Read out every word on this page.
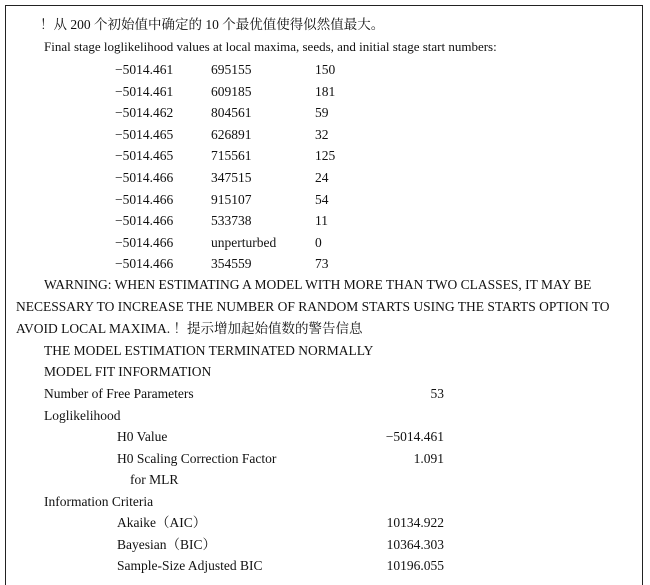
！从 200 个初始值中确定的 10 个最优值使得似然值最大。
Final stage loglikelihood values at local maxima, seeds, and initial stage start numbers:
−5014.461	695155	150
−5014.461	609185	181
−5014.462	804561	59
−5014.465	626891	32
−5014.465	715561	125
−5014.466	347515	24
−5014.466	915107	54
−5014.466	533738	11
−5014.466	unperturbed	0
−5014.466	354559	73
WARNING: WHEN ESTIMATING A MODEL WITH MORE THAN TWO CLASSES, IT MAY BE
NECESSARY TO INCREASE THE NUMBER OF RANDOM STARTS USING THE STARTS OPTION TO
AVOID LOCAL MAXIMA. ！提示增加起始值数的警告信息
THE MODEL ESTIMATION TERMINATED NORMALLY
MODEL FIT INFORMATION
Number of Free Parameters	53
Loglikelihood
H0 Value	−5014.461
H0 Scaling Correction Factor	1.091
for MLR
Information Criteria
Akaike（AIC）	10134.922
Bayesian（BIC）	10364.303
Sample-Size Adjusted BIC	10196.055
